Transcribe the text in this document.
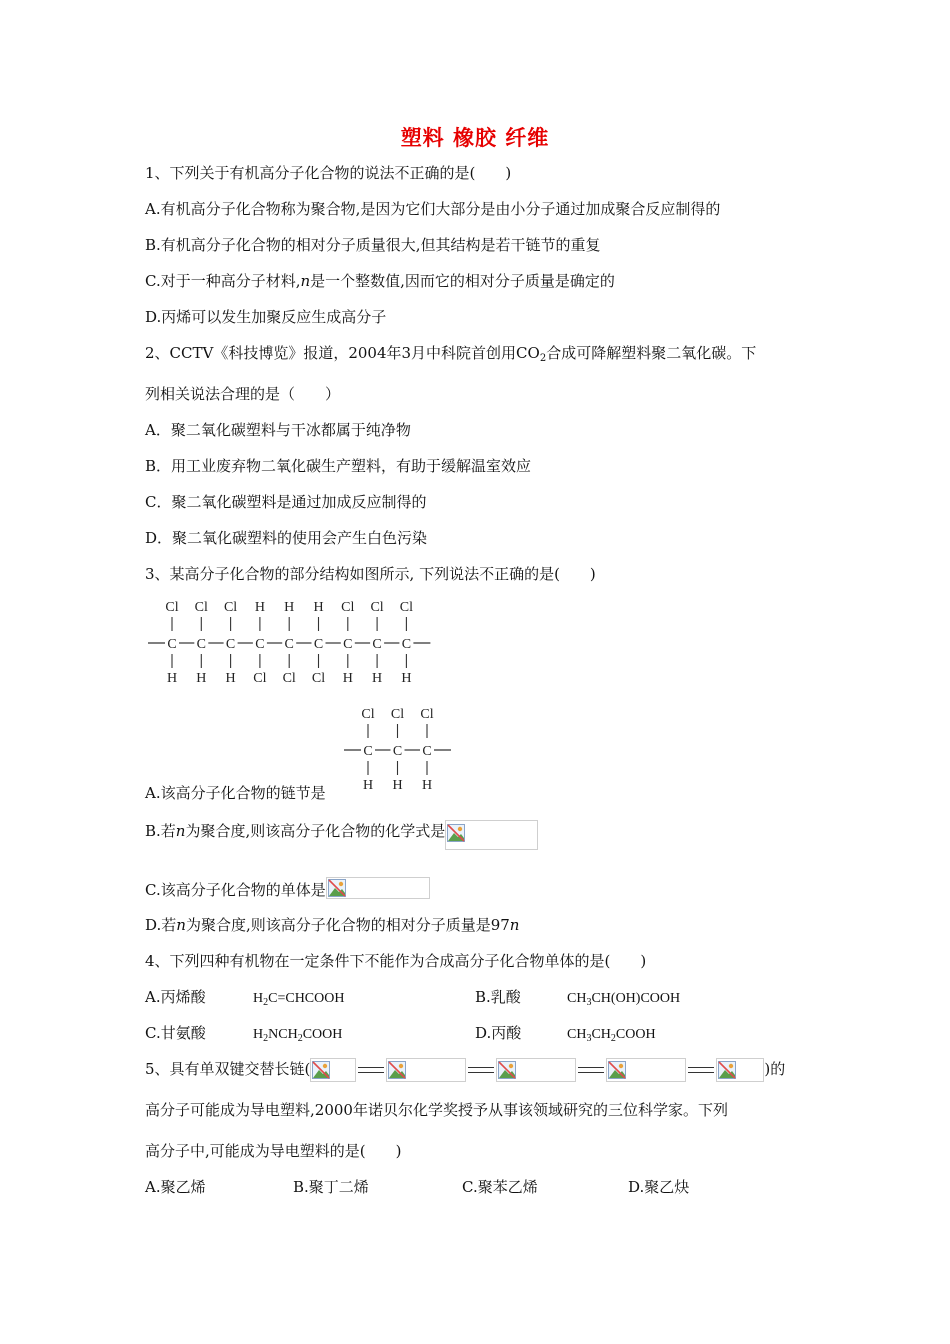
塑料 橡胶 纤维
1、下列关于有机高分子化合物的说法不正确的是(　　)
A.有机高分子化合物称为聚合物,是因为它们大部分是由小分子通过加成聚合反应制得的
B.有机高分子化合物的相对分子质量很大,但其结构是若干链节的重复
C.对于一种高分子材料,n是一个整数值,因而它的相对分子质量是确定的
D.丙烯可以发生加聚反应生成高分子
2、CCTV《科技博览》报道，2004年3月中科院首创用$CO_2$合成可降解塑料聚二氧化碳。下
列相关说法合理的是（　　）
A．聚二氧化碳塑料与干冰都属于纯净物
B．用工业废弃物二氧化碳生产塑料，有助于缓解温室效应
C．聚二氧化碳塑料是通过加成反应制得的
D．聚二氧化碳塑料的使用会产生白色污染
3、某高分子化合物的部分结构如图所示, 下列说法不正确的是(　　)
C
Cl
H
C
Cl
H
C
Cl
H
C
H
Cl
C
H
Cl
C
H
Cl
C
Cl
H
C
Cl
H
C
Cl
H
C
Cl
H
C
Cl
H
C
Cl
H
A.该高分子化合物的链节是
B.若n为聚合度,则该高分子化合物的化学式是
C.该高分子化合物的单体是
D.若n为聚合度,则该高分子化合物的相对分子质量是97n
4、下列四种有机物在一定条件下不能作为合成高分子化合物单体的是(　　)
A.丙烯酸	$H_2C=CHCOOH$	B.乳酸	$CH_3CH(OH)COOH$
C.甘氨酸	$H_2NCH_2COOH$	D.丙酸	$CH_3CH_2COOH$
5、具有单双键交替长链(	)的
高分子可能成为导电塑料,2000年诺贝尔化学奖授予从事该领域研究的三位科学家。下列
高分子中,可能成为导电塑料的是(　　)
A.聚乙烯	B.聚丁二烯	C.聚苯乙烯	D.聚乙炔
